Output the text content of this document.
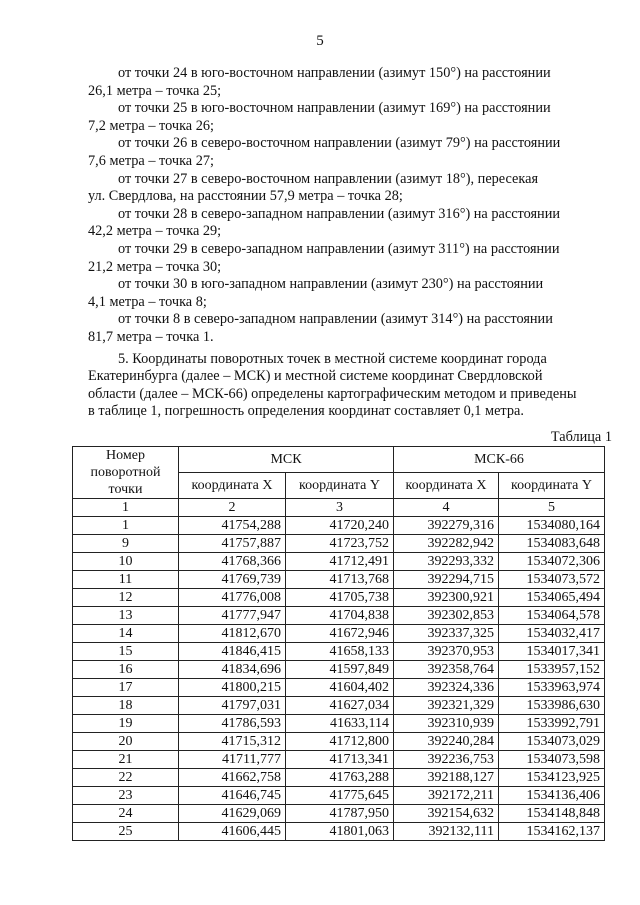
5

от точки 24 в юго-восточном направлении (азимут 150°) на расстоянии

26,1 метра – точка 25;

от точки 25 в юго-восточном направлении (азимут 169°) на расстоянии

7,2 метра – точка 26;

от точки 26 в северо-восточном направлении (азимут 79°) на расстоянии

7,6 метра – точка 27;

от точки 27 в северо-восточном направлении (азимут 18°), пересекая

ул. Свердлова, на расстоянии 57,9 метра – точка 28;

от точки 28 в северо-западном направлении (азимут 316°) на расстоянии

42,2 метра – точка 29;

от точки 29 в северо-западном направлении (азимут 311°) на расстоянии

21,2 метра – точка 30;

от точки 30 в юго-западном направлении (азимут 230°) на расстоянии

4,1 метра – точка 8;

от точки 8 в северо-западном направлении (азимут 314°) на расстоянии

81,7 метра – точка 1.

5. Координаты поворотных точек в местной системе координат города

Екатеринбурга (далее – МСК) и местной системе координат Свердловской

области (далее – МСК-66) определены картографическим методом и приведены

в таблице 1, погрешность определения координат составляет 0,1 метра.

Таблица 1
Номер поворотной точки	МСК		МСК-66	
	координата X	координата Y	координата X	координата Y
1	2	3	4	5
1	41754,288	41720,240	392279,316	1534080,164
9	41757,887	41723,752	392282,942	1534083,648
10	41768,366	41712,491	392293,332	1534072,306
11	41769,739	41713,768	392294,715	1534073,572
12	41776,008	41705,738	392300,921	1534065,494
13	41777,947	41704,838	392302,853	1534064,578
14	41812,670	41672,946	392337,325	1534032,417
15	41846,415	41658,133	392370,953	1534017,341
16	41834,696	41597,849	392358,764	1533957,152
17	41800,215	41604,402	392324,336	1533963,974
18	41797,031	41627,034	392321,329	1533986,630
19	41786,593	41633,114	392310,939	1533992,791
20	41715,312	41712,800	392240,284	1534073,029
21	41711,777	41713,341	392236,753	1534073,598
22	41662,758	41763,288	392188,127	1534123,925
23	41646,745	41775,645	392172,211	1534136,406
24	41629,069	41787,950	392154,632	1534148,848
25	41606,445	41801,063	392132,111	1534162,137
